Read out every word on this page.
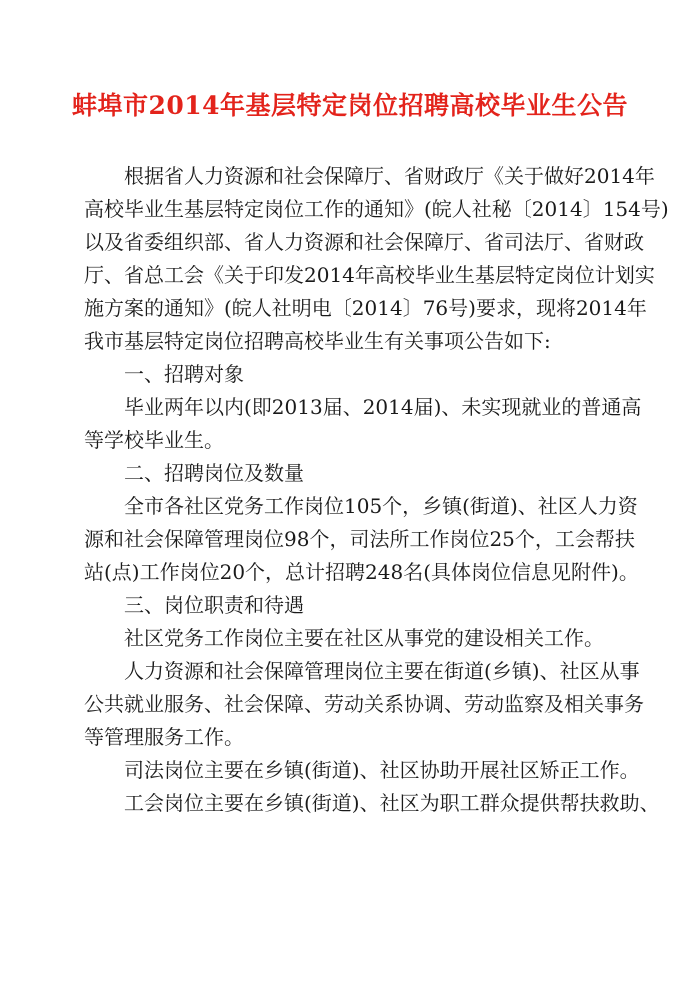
蚌埠市2014年基层特定岗位招聘高校毕业生公告
根据省人力资源和社会保障厅、省财政厅《关于做好2014年
高校毕业生基层特定岗位工作的通知》(皖人社秘〔2014〕154号)
以及省委组织部、省人力资源和社会保障厅、省司法厅、省财政
厅、省总工会《关于印发2014年高校毕业生基层特定岗位计划实
施方案的通知》(皖人社明电〔2014〕76号)要求，现将2014年
我市基层特定岗位招聘高校毕业生有关事项公告如下:
一、招聘对象
毕业两年以内(即2013届、2014届)、未实现就业的普通高
等学校毕业生。
二、招聘岗位及数量
全市各社区党务工作岗位105个，乡镇(街道)、社区人力资
源和社会保障管理岗位98个，司法所工作岗位25个，工会帮扶
站(点)工作岗位20个，总计招聘248名(具体岗位信息见附件)。
三、岗位职责和待遇
社区党务工作岗位主要在社区从事党的建设相关工作。
人力资源和社会保障管理岗位主要在街道(乡镇)、社区从事
公共就业服务、社会保障、劳动关系协调、劳动监察及相关事务
等管理服务工作。
司法岗位主要在乡镇(街道)、社区协助开展社区矫正工作。
工会岗位主要在乡镇(街道)、社区为职工群众提供帮扶救助、
